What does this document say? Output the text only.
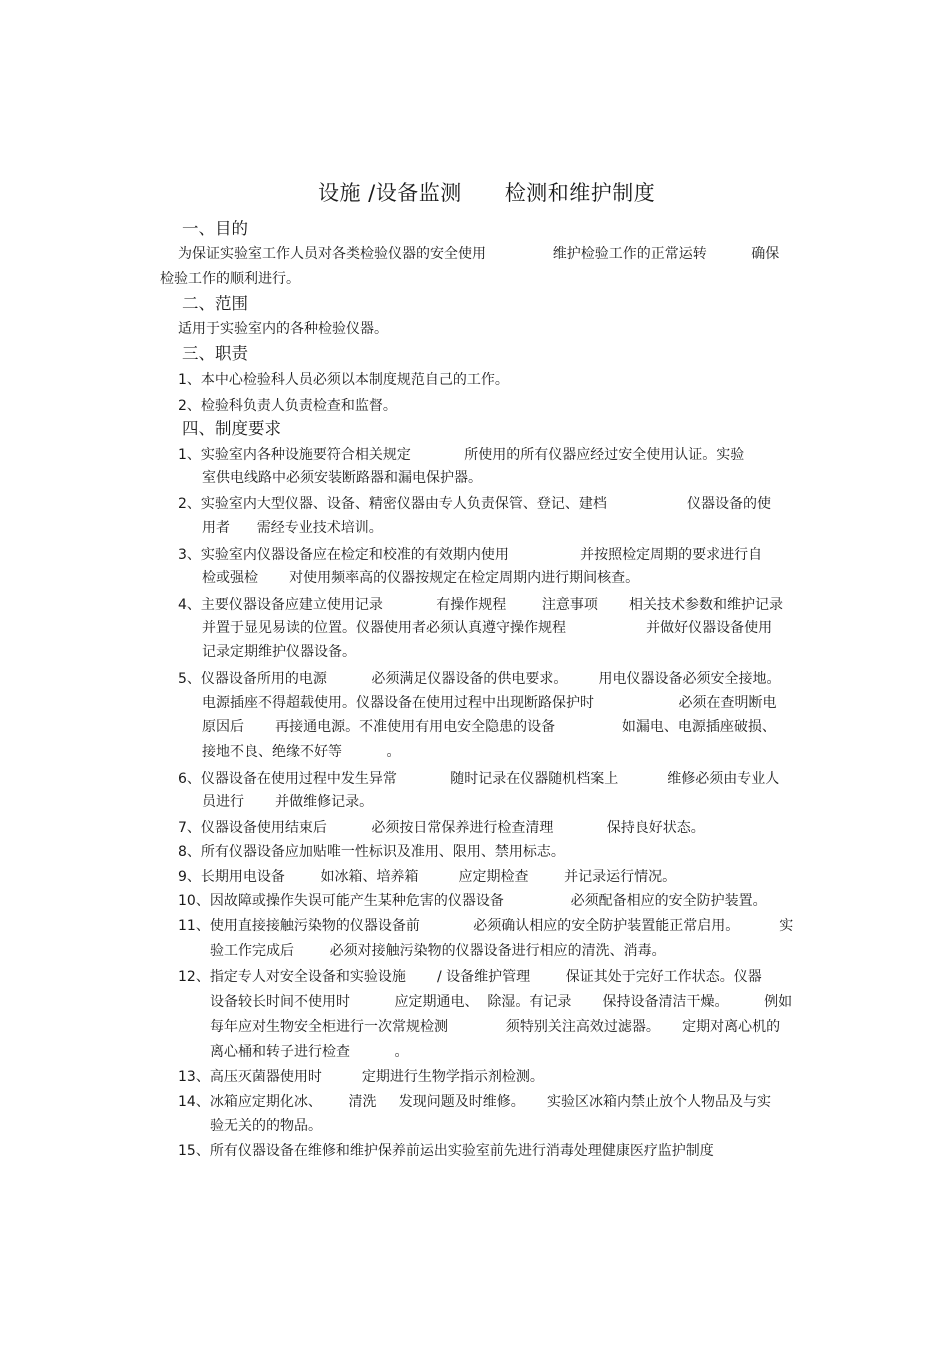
设施 /设备监测      检测和维护制度
一、目的
为保证实验室工作人员对各类检验仪器的安全使用               维护检验工作的正常运转          确保
检验工作的顺利进行。
二、范围
适用于实验室内的各种检验仪器。
三、职责
1、本中心检验科人员必须以本制度规范自己的工作。
2、检验科负责人负责检查和监督。
四、制度要求
1、实验室内各种设施要符合相关规定            所使用的所有仪器应经过安全使用认证。实验
室供电线路中必须安装断路器和漏电保护器。
2、实验室内大型仪器、设备、精密仪器由专人负责保管、登记、建档                  仪器设备的使
用者      需经专业技术培训。
3、实验室内仪器设备应在检定和校准的有效期内使用                并按照检定周期的要求进行自
检或强检       对使用频率高的仪器按规定在检定周期内进行期间核查。
4、主要仪器设备应建立使用记录            有操作规程        注意事项       相关技术参数和维护记录
并置于显见易读的位置。仪器使用者必须认真遵守操作规程                  并做好仪器设备使用
记录定期维护仪器设备。
5、仪器设备所用的电源          必须满足仪器设备的供电要求。       用电仪器设备必须安全接地。
电源插座不得超载使用。仪器设备在使用过程中出现断路保护时                   必须在查明断电
原因后       再接通电源。不准使用有用电安全隐患的设备               如漏电、电源插座破损、
接地不良、绝缘不好等          。
6、仪器设备在使用过程中发生异常            随时记录在仪器随机档案上           维修必须由专业人
员进行       并做维修记录。
7、仪器设备使用结束后          必须按日常保养进行检查清理            保持良好状态。
8、所有仪器设备应加贴唯一性标识及准用、限用、禁用标志。
9、长期用电设备        如冰箱、培养箱         应定期检查        并记录运行情况。
10、因故障或操作失误可能产生某种危害的仪器设备               必须配备相应的安全防护装置。
11、使用直接接触污染物的仪器设备前            必须确认相应的安全防护装置能正常启用。         实
验工作完成后        必须对接触污染物的仪器设备进行相应的清洗、消毒。
12、指定专人对安全设备和实验设施       / 设备维护管理        保证其处于完好工作状态。仪器
设备较长时间不使用时          应定期通电、  除湿。有记录       保持设备清洁干燥。        例如
每年应对生物安全柜进行一次常规检测             须特别关注高效过滤器。     定期对离心机的
离心桶和转子进行检查          。
13、高压灭菌器使用时         定期进行生物学指示剂检测。
14、冰箱应定期化冰、      清洗     发现问题及时维修。     实验区冰箱内禁止放个人物品及与实
验无关的的物品。
15、所有仪器设备在维修和维护保养前运出实验室前先进行消毒处理健康医疗监护制度
